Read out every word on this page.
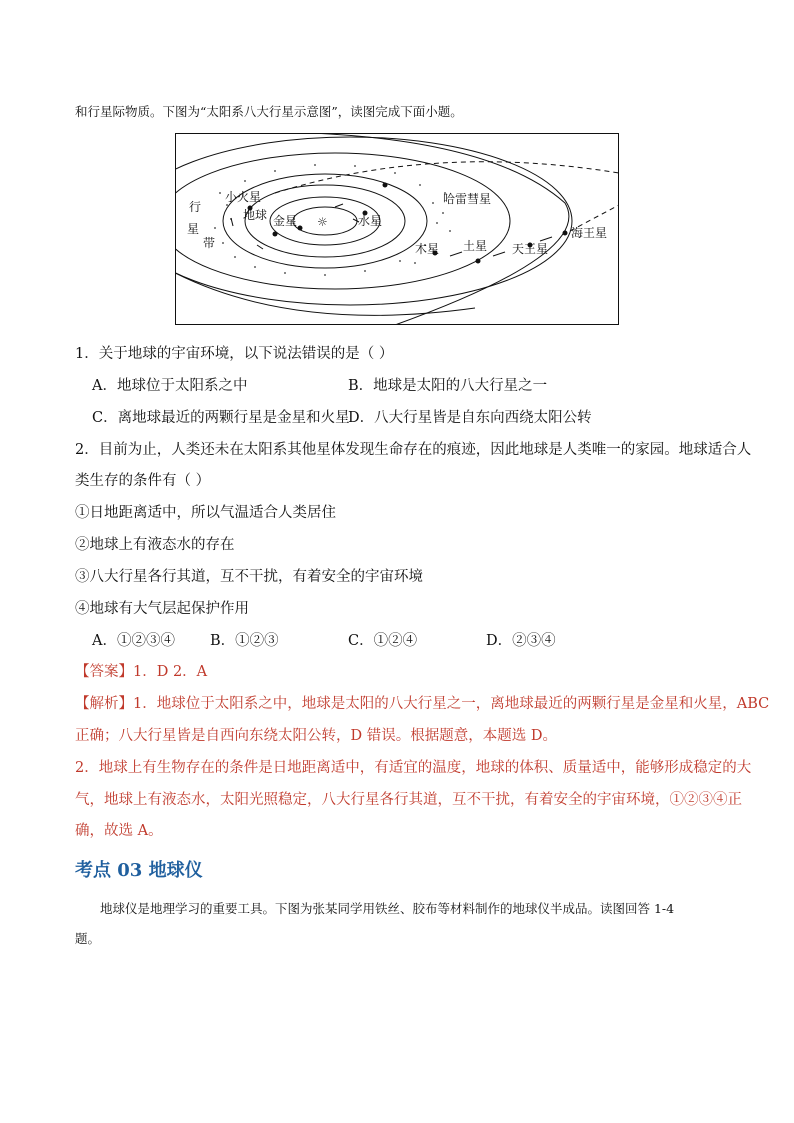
和行星际物质。下图为“太阳系八大行星示意图”，读图完成下面小题。
☼
哈雷彗星
小火星
地球 金星	水星
木星 土星 天王星
海王星
行
星
带
1．关于地球的宇宙环境，以下说法错误的是（ ）
A．地球位于太阳系之中	B．地球是太阳的八大行星之一
C．离地球最近的两颗行星是金星和火星
D．八大行星皆是自东向西绕太阳公转
2．目前为止，人类还未在太阳系其他星体发现生命存在的痕迹，因此地球是人类唯一的家园。地球适合人
类生存的条件有（ ）
①日地距离适中，所以气温适合人类居住
②地球上有液态水的存在
③八大行星各行其道，互不干扰，有着安全的宇宙环境
④地球有大气层起保护作用
A．①②③④ B．①②③	C．①②④	D．②③④
【答案】1．D 2．A
【解析】1．地球位于太阳系之中，地球是太阳的八大行星之一，离地球最近的两颗行星是金星和火星，ABC
正确；八大行星皆是自西向东绕太阳公转，D 错误。根据题意，本题选 D。
2．地球上有生物存在的条件是日地距离适中，有适宜的温度，地球的体积、质量适中，能够形成稳定的大
气，地球上有液态水，太阳光照稳定，八大行星各行其道，互不干扰，有着安全的宇宙环境，①②③④正
确，故选 A。
考点 03 地球仪
地球仪是地理学习的重要工具。下图为张某同学用铁丝、胶布等材料制作的地球仪半成品。读图回答 1-4
题。
